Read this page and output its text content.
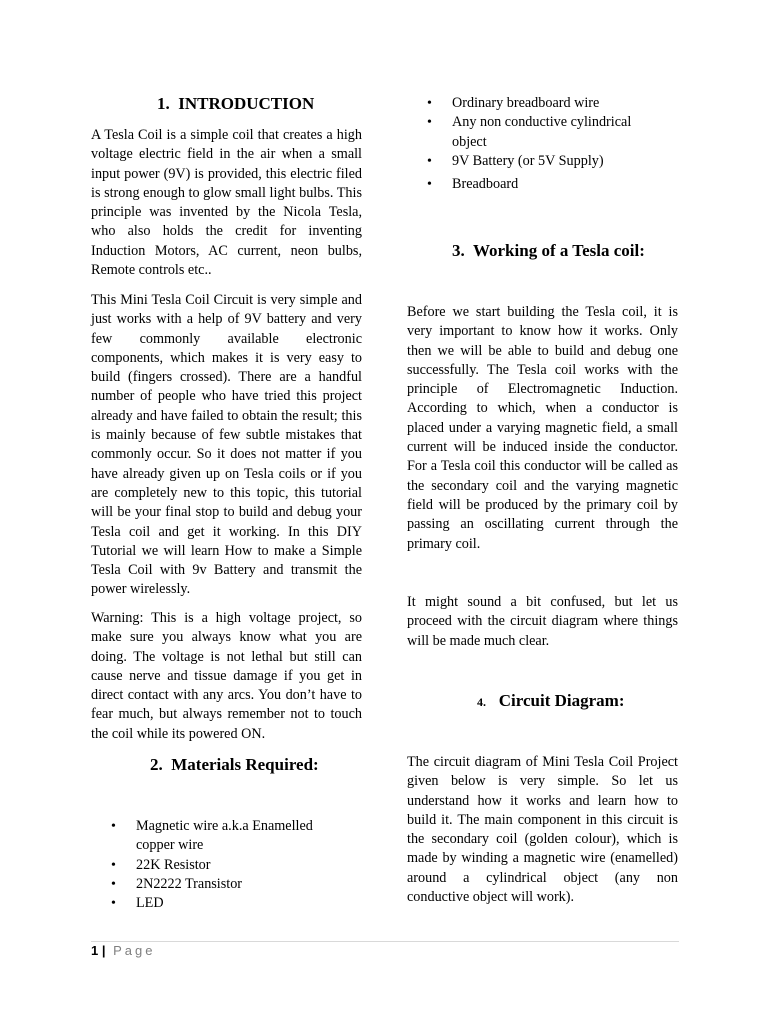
1. INTRODUCTION

A Tesla Coil is a simple coil that creates a high voltage electric field in the air when a small input power (9V) is provided, this electric filed is strong enough to glow small light bulbs. This principle was invented by the Nicola Tesla, who also holds the credit for inventing Induction Motors, AC current, neon bulbs, Remote controls etc..

This Mini Tesla Coil Circuit is very simple and just works with a help of 9V battery and very few commonly available electronic components, which makes it is very easy to build (fingers crossed). There are a handful number of people who have tried this project already and have failed to obtain the result; this is mainly because of few subtle mistakes that commonly occur. So it does not matter if you have already given up on Tesla coils or if you are completely new to this topic, this tutorial will be your final stop to build and debug your Tesla coil and get it working. In this DIY Tutorial we will learn How to make a Simple Tesla Coil with 9v Battery and transmit the power wirelessly.

Warning: This is a high voltage project, so make sure you always know what you are doing. The voltage is not lethal but still can cause nerve and tissue damage if you get in direct contact with any arcs. You don’t have to fear much, but always remember not to touch the coil while its powered ON.

2. Materials Required:
• Magnetic wire a.k.a Enamelled copper wire
• 22K Resistor
• 2N2222 Transistor
• LED
• Ordinary breadboard wire
• Any non conductive cylindrical object
• 9V Battery (or 5V Supply)
• Breadboard
3. Working of a Tesla coil:

Before we start building the Tesla coil, it is very important to know how it works. Only then we will be able to build and debug one successfully. The Tesla coil works with the principle of Electromagnetic Induction. According to which, when a conductor is placed under a varying magnetic field, a small current will be induced inside the conductor. For a Tesla coil this conductor will be called as the secondary coil and the varying magnetic field will be produced by the primary coil by passing an oscillating current through the primary coil.

It might sound a bit confused, but let us proceed with the circuit diagram where things will be made much clear.

4. Circuit Diagram:

The circuit diagram of Mini Tesla Coil Project given below is very simple. So let us understand how it works and learn how to build it. The main component in this circuit is the secondary coil (golden colour), which is made by winding a magnetic wire (enamelled) around a cylindrical object (any non conductive object will work).

1 | Page
